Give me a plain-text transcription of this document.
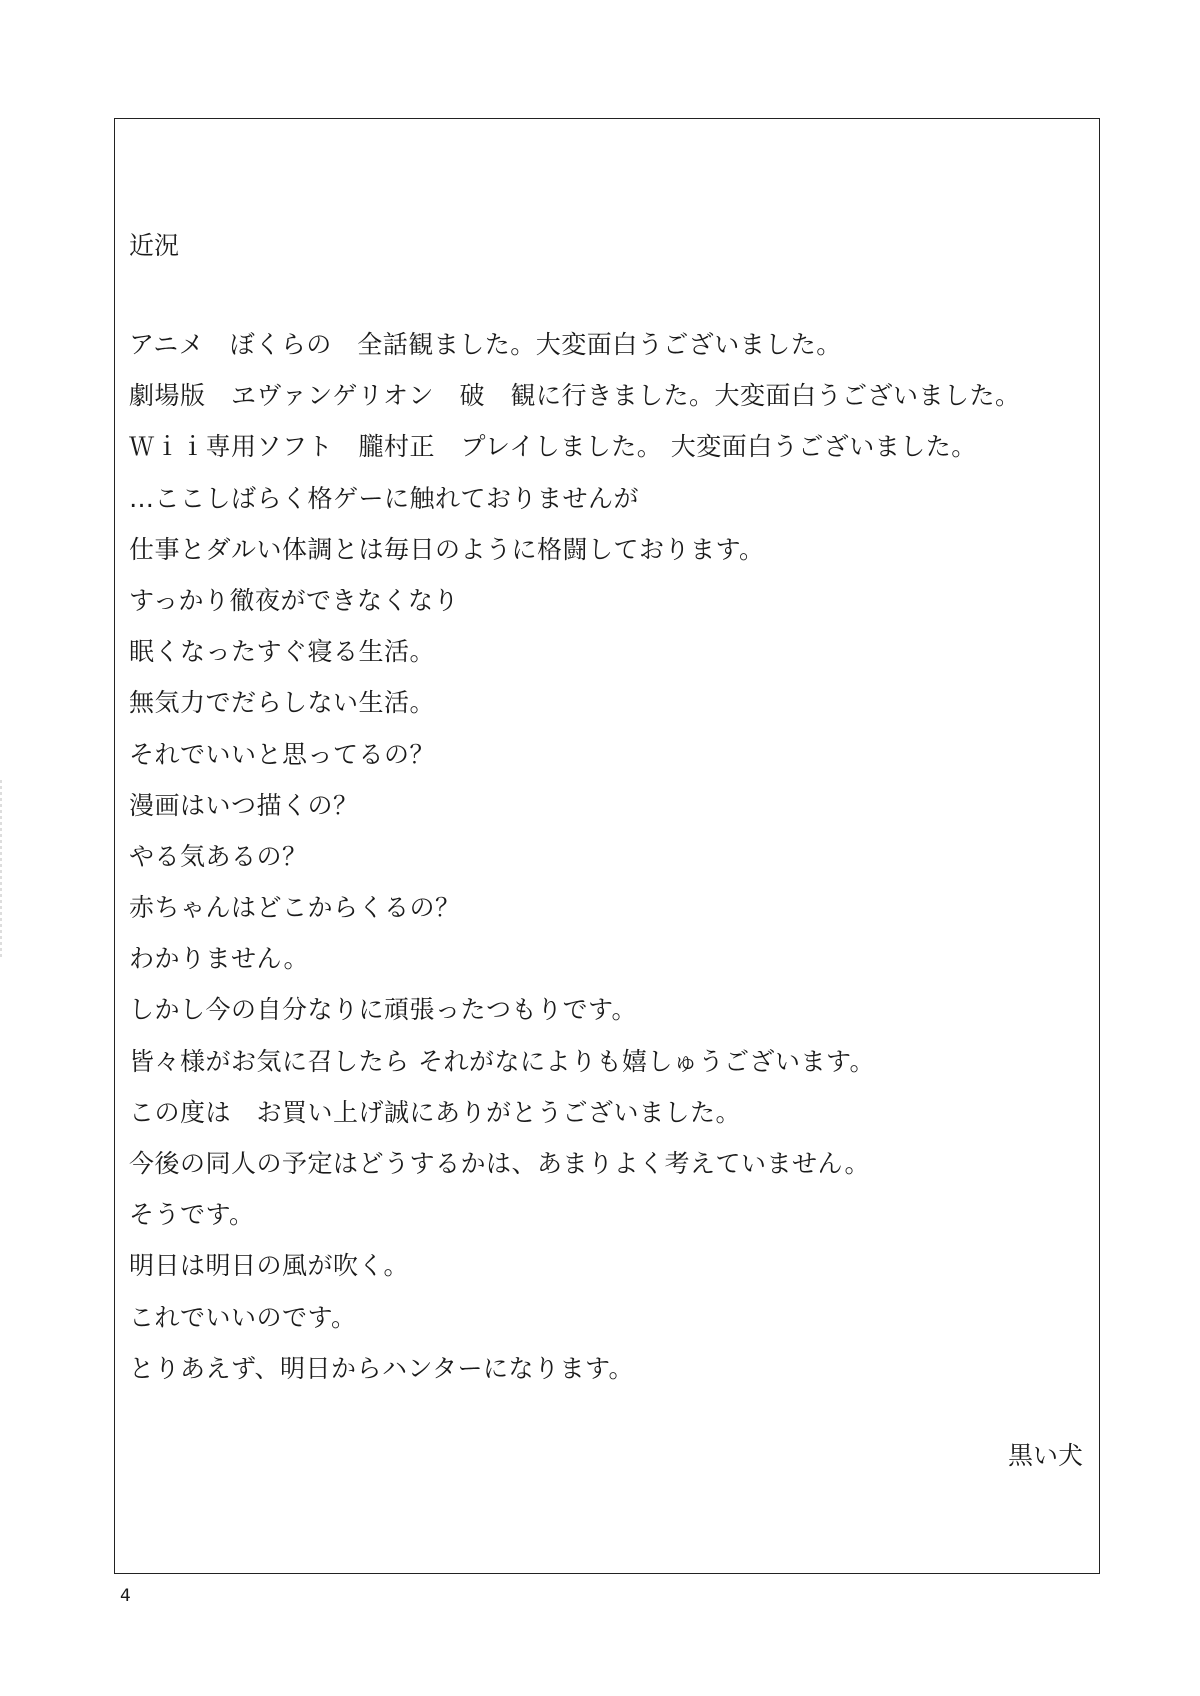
近況
アニメ　ぼくらの　全話観ました。大変面白うございました。
劇場版　ヱヴァンゲリオン　破　観に行きました。大変面白うございました。
Ｗｉｉ専用ソフト　朧村正　プレイしました。 大変面白うございました。
…ここしばらく格ゲーに触れておりませんが
仕事とダルい体調とは毎日のように格闘しております。
すっかり徹夜ができなくなり
眠くなったすぐ寝る生活。
無気力でだらしない生活。
それでいいと思ってるの？
漫画はいつ描くの？
やる気あるの？
赤ちゃんはどこからくるの？
わかりません。
しかし今の自分なりに頑張ったつもりです。
皆々様がお気に召したら それがなによりも嬉しゅうございます。
この度は　お買い上げ誠にありがとうございました。
今後の同人の予定はどうするかは、あまりよく考えていません。
そうです。
明日は明日の風が吹く。
これでいいのです。
とりあえず、明日からハンターになります。
黒い犬
4
